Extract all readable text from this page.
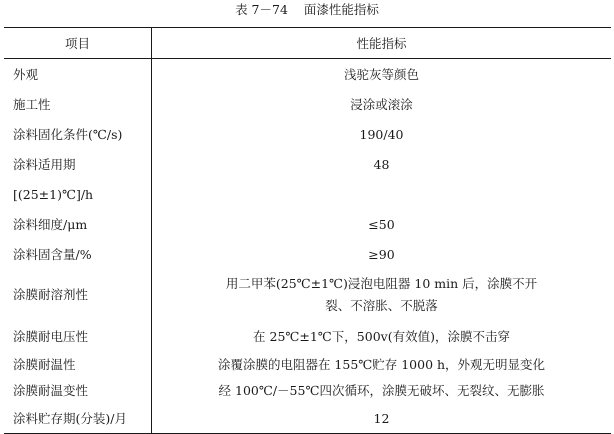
表 7－74 面漆性能指标
项目	性能指标
外观	浅驼灰等颜色
施工性	浸涂或滚涂
涂料固化条件(℃/s)	190/40
涂料适用期	48
[(25±1)℃]/h	
涂料细度/μm	≤50
涂料固含量/%	≥90
涂膜耐溶剂性	用二甲苯(25℃±1℃)浸泡电阻器 10 min 后，涂膜不开
裂、不溶胀、不脱落

涂膜耐电压性	在 25℃±1℃下，500v(有效值)，涂膜不击穿
涂膜耐温性	涂覆涂膜的电阻器在 155℃贮存 1000 h，外观无明显变化
涂膜耐温变性	经 100℃/－55℃四次循环，涂膜无破坏、无裂纹、无膨胀
涂料贮存期(分装)/月	12
